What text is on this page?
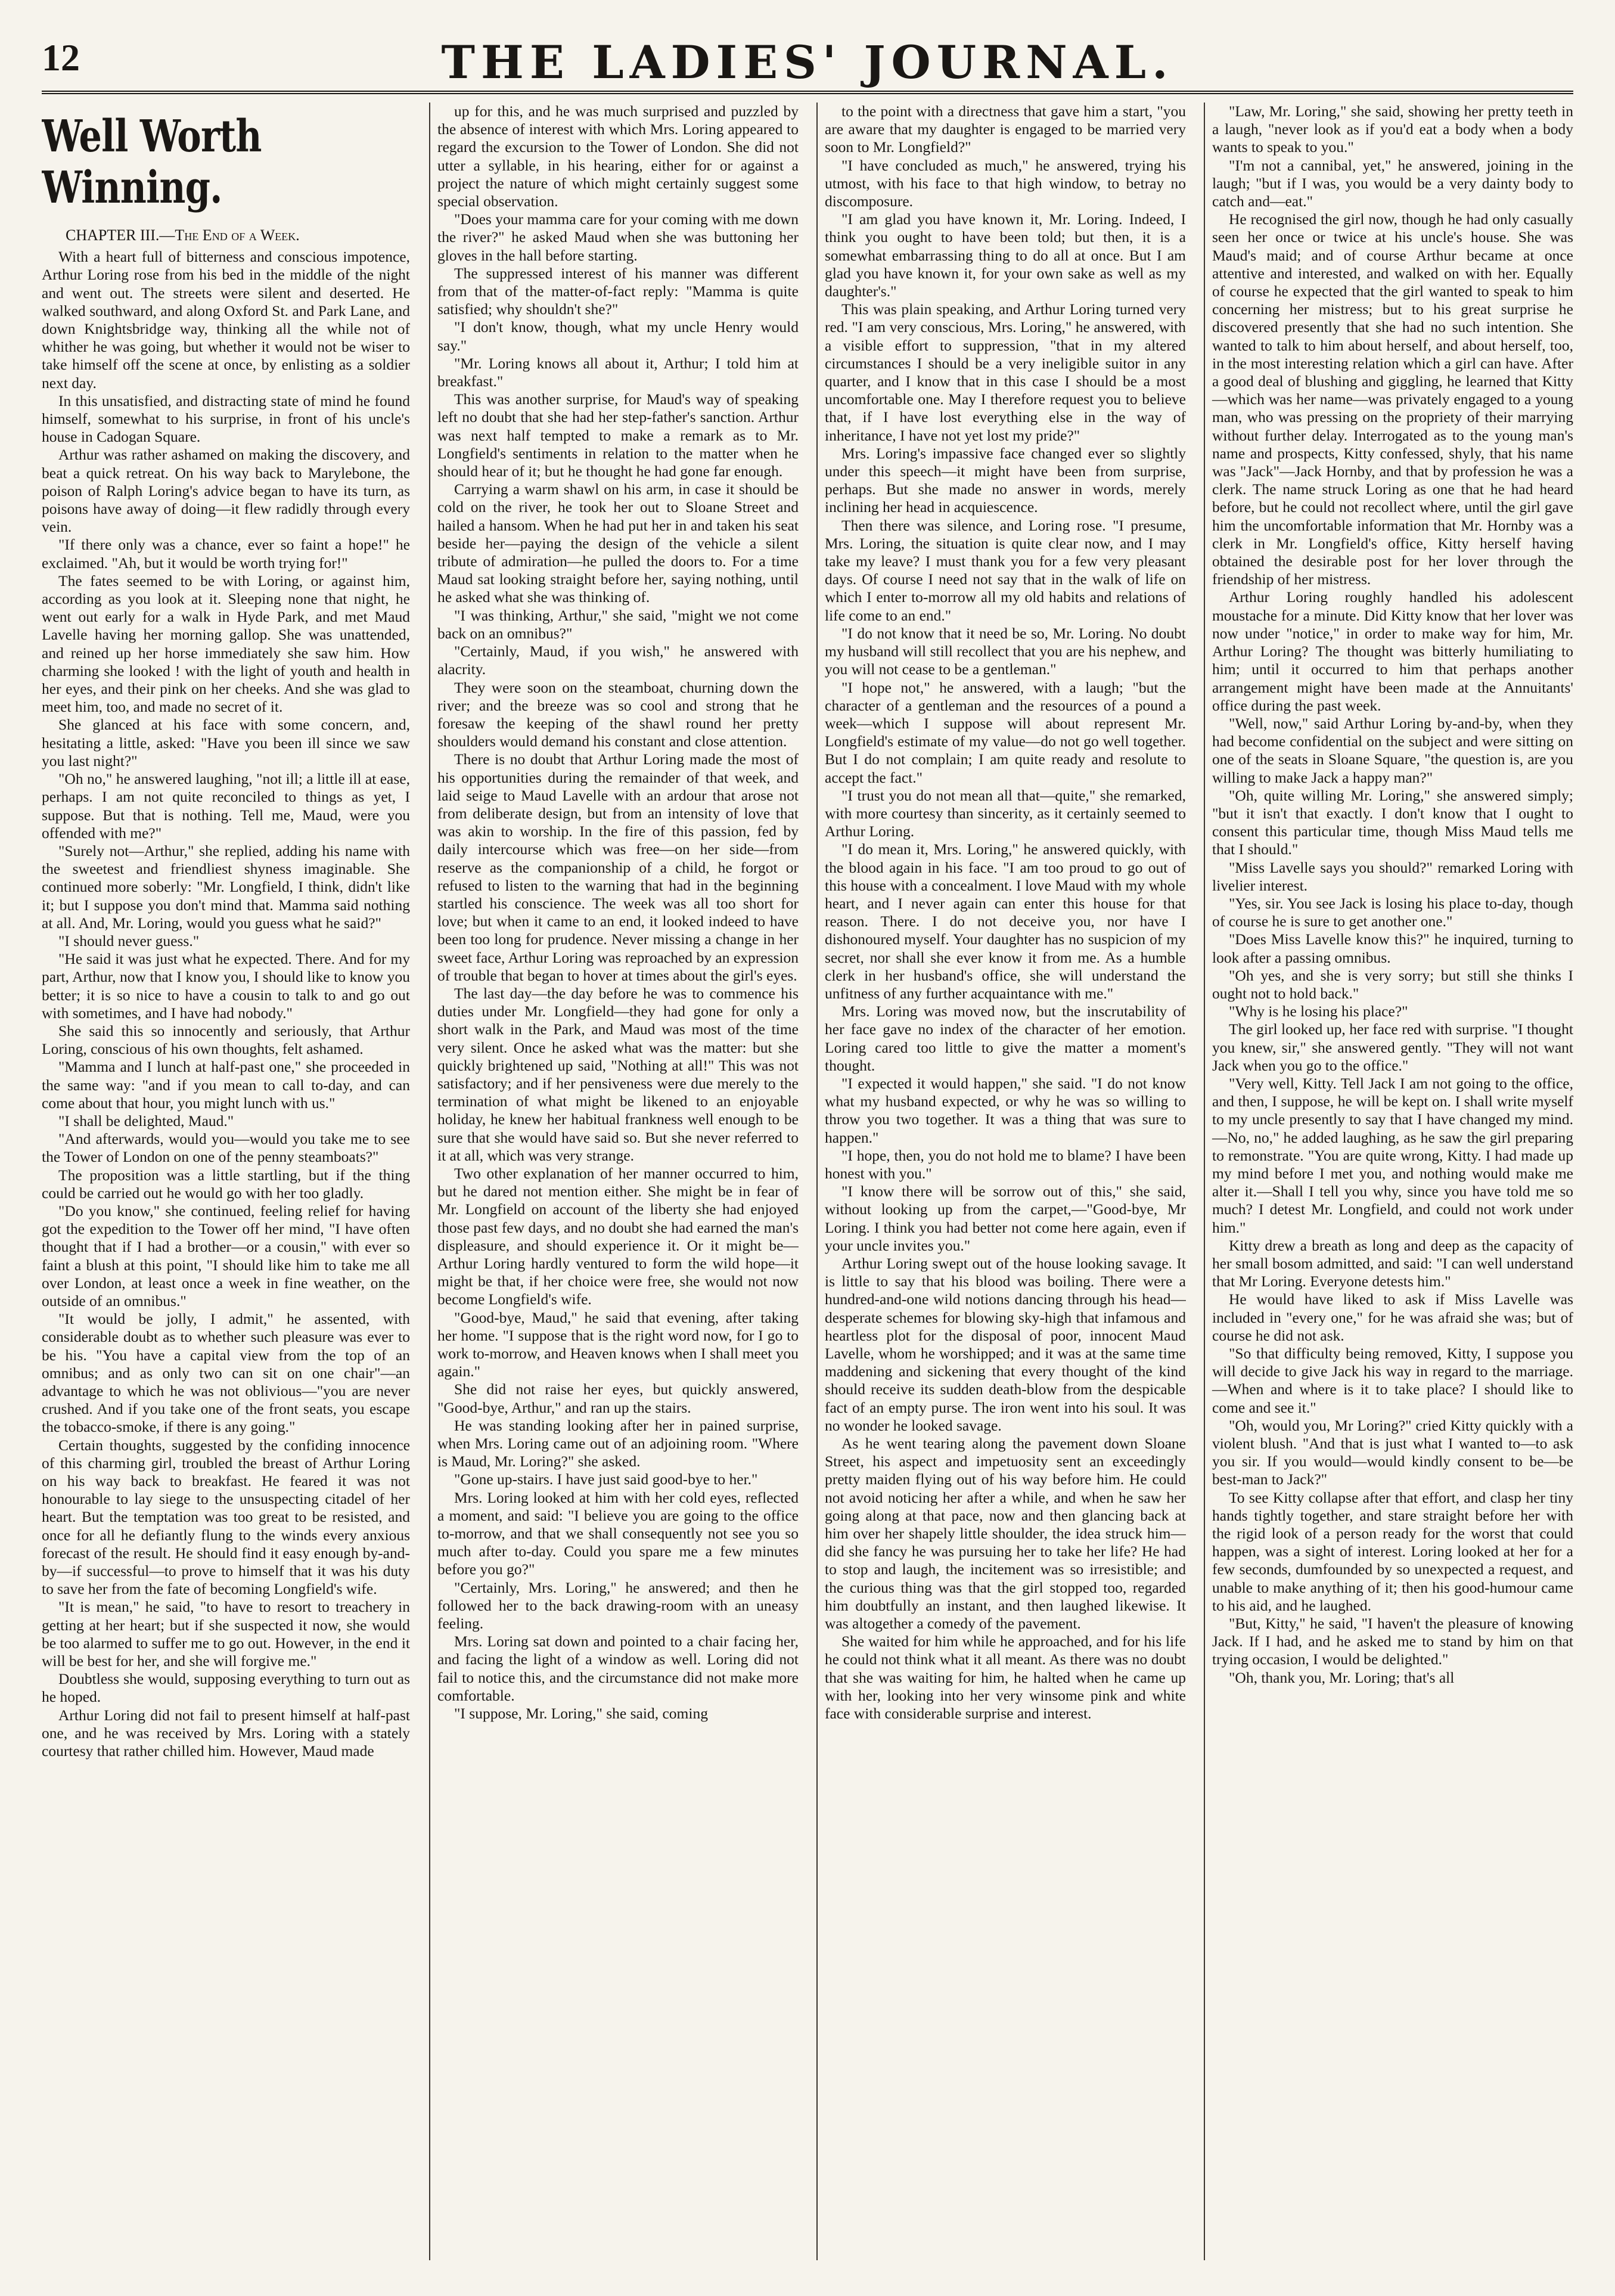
12	THE LADIES' JOURNAL.
Well Worth Winning.
CHAPTER III.—The End of a Week.

With a heart full of bitterness and conscious impotence, Arthur Loring rose from his bed in the middle of the night and went out. The streets were silent and deserted. He walked southward, and along Oxford St. and Park Lane, and down Knightsbridge way, thinking all the while not of whither he was going, but whether it would not be wiser to take himself off the scene at once, by enlisting as a soldier next day.

In this unsatisfied, and distracting state of mind he found himself, somewhat to his surprise, in front of his uncle's house in Cadogan Square.

Arthur was rather ashamed on making the discovery, and beat a quick retreat. On his way back to Marylebone, the poison of Ralph Loring's advice began to have its turn, as poisons have away of doing—it flew radidly through every vein.

"If there only was a chance, ever so faint a hope!" he exclaimed. "Ah, but it would be worth trying for!"

The fates seemed to be with Loring, or against him, according as you look at it. Sleeping none that night, he went out early for a walk in Hyde Park, and met Maud Lavelle having her morning gallop. She was unattended, and reined up her horse immediately she saw him. How charming she looked ! with the light of youth and health in her eyes, and their pink on her cheeks. And she was glad to meet him, too, and made no secret of it.

She glanced at his face with some concern, and, hesitating a little, asked: "Have you been ill since we saw you last night?"

"Oh no," he answered laughing, "not ill; a little ill at ease, perhaps. I am not quite reconciled to things as yet, I suppose. But that is nothing. Tell me, Maud, were you offended with me?"

"Surely not—Arthur," she replied, adding his name with the sweetest and friendliest shyness imaginable. She continued more soberly: "Mr. Longfield, I think, didn't like it; but I suppose you don't mind that. Mamma said nothing at all. And, Mr. Loring, would you guess what he said?"

"I should never guess."

"He said it was just what he expected. There. And for my part, Arthur, now that I know you, I should like to know you better; it is so nice to have a cousin to talk to and go out with sometimes, and I have had nobody."

She said this so innocently and seriously, that Arthur Loring, conscious of his own thoughts, felt ashamed.

"Mamma and I lunch at half-past one," she proceeded in the same way: "and if you mean to call to-day, and can come about that hour, you might lunch with us."

"I shall be delighted, Maud."

"And afterwards, would you—would you take me to see the Tower of London on one of the penny steamboats?"

The proposition was a little startling, but if the thing could be carried out he would go with her too gladly.

"Do you know," she continued, feeling relief for having got the expedition to the Tower off her mind, "I have often thought that if I had a brother—or a cousin," with ever so faint a blush at this point, "I should like him to take me all over London, at least once a week in fine weather, on the outside of an omnibus."

"It would be jolly, I admit," he assented, with considerable doubt as to whether such pleasure was ever to be his. "You have a capital view from the top of an omnibus; and as only two can sit on one chair"—an advantage to which he was not oblivious—"you are never crushed. And if you take one of the front seats, you escape the tobacco-smoke, if there is any going."

Certain thoughts, suggested by the confiding innocence of this charming girl, troubled the breast of Arthur Loring on his way back to breakfast. He feared it was not honourable to lay siege to the unsuspecting citadel of her heart. But the temptation was too great to be resisted, and once for all he defiantly flung to the winds every anxious forecast of the result. He should find it easy enough by-and-by—if successful—to prove to himself that it was his duty to save her from the fate of becoming Longfield's wife.

"It is mean," he said, "to have to resort to treachery in getting at her heart; but if she suspected it now, she would be too alarmed to suffer me to go out. However, in the end it will be best for her, and she will forgive me."

Doubtless she would, supposing everything to turn out as he hoped.

Arthur Loring did not fail to present himself at half-past one, and he was received by Mrs. Loring with a stately courtesy that rather chilled him. However, Maud made

up for this, and he was much surprised and puzzled by the absence of interest with which Mrs. Loring appeared to regard the excursion to the Tower of London. She did not utter a syllable, in his hearing, either for or against a project the nature of which might certainly suggest some special observation.

"Does your mamma care for your coming with me down the river?" he asked Maud when she was buttoning her gloves in the hall before starting.

The suppressed interest of his manner was different from that of the matter-of-fact reply: "Mamma is quite satisfied; why shouldn't she?"

"I don't know, though, what my uncle Henry would say."

"Mr. Loring knows all about it, Arthur; I told him at breakfast."

This was another surprise, for Maud's way of speaking left no doubt that she had her step-father's sanction. Arthur was next half tempted to make a remark as to Mr. Longfield's sentiments in relation to the matter when he should hear of it; but he thought he had gone far enough.

Carrying a warm shawl on his arm, in case it should be cold on the river, he took her out to Sloane Street and hailed a hansom. When he had put her in and taken his seat beside her—paying the design of the vehicle a silent tribute of admiration—he pulled the doors to. For a time Maud sat looking straight before her, saying nothing, until he asked what she was thinking of.

"I was thinking, Arthur," she said, "might we not come back on an omnibus?"

"Certainly, Maud, if you wish," he answered with alacrity.

They were soon on the steamboat, churning down the river; and the breeze was so cool and strong that he foresaw the keeping of the shawl round her pretty shoulders would demand his constant and close attention.

There is no doubt that Arthur Loring made the most of his opportunities during the remainder of that week, and laid seige to Maud Lavelle with an ardour that arose not from deliberate design, but from an intensity of love that was akin to worship. In the fire of this passion, fed by daily intercourse which was free—on her side—from reserve as the companionship of a child, he forgot or refused to listen to the warning that had in the beginning startled his conscience. The week was all too short for love; but when it came to an end, it looked indeed to have been too long for prudence. Never missing a change in her sweet face, Arthur Loring was reproached by an expression of trouble that began to hover at times about the girl's eyes.

The last day—the day before he was to commence his duties under Mr. Longfield—they had gone for only a short walk in the Park, and Maud was most of the time very silent. Once he asked what was the matter: but she quickly brightened up said, "Nothing at all!" This was not satisfactory; and if her pensiveness were due merely to the termination of what might be likened to an enjoyable holiday, he knew her habitual frankness well enough to be sure that she would have said so. But she never referred to it at all, which was very strange.

Two other explanation of her manner occurred to him, but he dared not mention either. She might be in fear of Mr. Longfield on account of the liberty she had enjoyed those past few days, and no doubt she had earned the man's displeasure, and should experience it. Or it might be—Arthur Loring hardly ventured to form the wild hope—it might be that, if her choice were free, she would not now become Longfield's wife.

"Good-bye, Maud," he said that evening, after taking her home. "I suppose that is the right word now, for I go to work to-morrow, and Heaven knows when I shall meet you again."

She did not raise her eyes, but quickly answered, "Good-bye, Arthur," and ran up the stairs.

He was standing looking after her in pained surprise, when Mrs. Loring came out of an adjoining room. "Where is Maud, Mr. Loring?" she asked.

"Gone up-stairs. I have just said good-bye to her."

Mrs. Loring looked at him with her cold eyes, reflected a moment, and said: "I believe you are going to the office to-morrow, and that we shall consequently not see you so much after to-day. Could you spare me a few minutes before you go?"

"Certainly, Mrs. Loring," he answered; and then he followed her to the back drawing-room with an uneasy feeling.

Mrs. Loring sat down and pointed to a chair facing her, and facing the light of a window as well. Loring did not fail to notice this, and the circumstance did not make more comfortable.

"I suppose, Mr. Loring," she said, coming

to the point with a directness that gave him a start, "you are aware that my daughter is engaged to be married very soon to Mr. Longfield?"

"I have concluded as much," he answered, trying his utmost, with his face to that high window, to betray no discomposure.

"I am glad you have known it, Mr. Loring. Indeed, I think you ought to have been told; but then, it is a somewhat embarrassing thing to do all at once. But I am glad you have known it, for your own sake as well as my daughter's."

This was plain speaking, and Arthur Loring turned very red. "I am very conscious, Mrs. Loring," he answered, with a visible effort to suppression, "that in my altered circumstances I should be a very ineligible suitor in any quarter, and I know that in this case I should be a most uncomfortable one. May I therefore request you to believe that, if I have lost everything else in the way of inheritance, I have not yet lost my pride?"

Mrs. Loring's impassive face changed ever so slightly under this speech—it might have been from surprise, perhaps. But she made no answer in words, merely inclining her head in acquiescence.

Then there was silence, and Loring rose. "I presume, Mrs. Loring, the situation is quite clear now, and I may take my leave? I must thank you for a few very pleasant days. Of course I need not say that in the walk of life on which I enter to-morrow all my old habits and relations of life come to an end."

"I do not know that it need be so, Mr. Loring. No doubt my husband will still recollect that you are his nephew, and you will not cease to be a gentleman."

"I hope not," he answered, with a laugh; "but the character of a gentleman and the resources of a pound a week—which I suppose will about represent Mr. Longfield's estimate of my value—do not go well together. But I do not complain; I am quite ready and resolute to accept the fact."

"I trust you do not mean all that—quite," she remarked, with more courtesy than sincerity, as it certainly seemed to Arthur Loring.

"I do mean it, Mrs. Loring," he answered quickly, with the blood again in his face. "I am too proud to go out of this house with a concealment. I love Maud with my whole heart, and I never again can enter this house for that reason. There. I do not deceive you, nor have I dishonoured myself. Your daughter has no suspicion of my secret, nor shall she ever know it from me. As a humble clerk in her husband's office, she will understand the unfitness of any further acquaintance with me."

Mrs. Loring was moved now, but the inscrutability of her face gave no index of the character of her emotion. Loring cared too little to give the matter a moment's thought.

"I expected it would happen," she said. "I do not know what my husband expected, or why he was so willing to throw you two together. It was a thing that was sure to happen."

"I hope, then, you do not hold me to blame? I have been honest with you."

"I know there will be sorrow out of this," she said, without looking up from the carpet,—"Good-bye, Mr Loring. I think you had better not come here again, even if your uncle invites you."

Arthur Loring swept out of the house looking savage. It is little to say that his blood was boiling. There were a hundred-and-one wild notions dancing through his head—desperate schemes for blowing sky-high that infamous and heartless plot for the disposal of poor, innocent Maud Lavelle, whom he worshipped; and it was at the same time maddening and sickening that every thought of the kind should receive its sudden death-blow from the despicable fact of an empty purse. The iron went into his soul. It was no wonder he looked savage.

As he went tearing along the pavement down Sloane Street, his aspect and impetuosity sent an exceedingly pretty maiden flying out of his way before him. He could not avoid noticing her after a while, and when he saw her going along at that pace, now and then glancing back at him over her shapely little shoulder, the idea struck him—did she fancy he was pursuing her to take her life? He had to stop and laugh, the incitement was so irresistible; and the curious thing was that the girl stopped too, regarded him doubtfully an instant, and then laughed likewise. It was altogether a comedy of the pavement.

She waited for him while he approached, and for his life he could not think what it all meant. As there was no doubt that she was waiting for him, he halted when he came up with her, looking into her very winsome pink and white face with considerable surprise and interest.

"Law, Mr. Loring," she said, showing her pretty teeth in a laugh, "never look as if you'd eat a body when a body wants to speak to you."

"I'm not a cannibal, yet," he answered, joining in the laugh; "but if I was, you would be a very dainty body to catch and—eat."

He recognised the girl now, though he had only casually seen her once or twice at his uncle's house. She was Maud's maid; and of course Arthur became at once attentive and interested, and walked on with her. Equally of course he expected that the girl wanted to speak to him concerning her mistress; but to his great surprise he discovered presently that she had no such intention. She wanted to talk to him about herself, and about herself, too, in the most interesting relation which a girl can have. After a good deal of blushing and giggling, he learned that Kitty—which was her name—was privately engaged to a young man, who was pressing on the propriety of their marrying without further delay. Interrogated as to the young man's name and prospects, Kitty confessed, shyly, that his name was "Jack"—Jack Hornby, and that by profession he was a clerk. The name struck Loring as one that he had heard before, but he could not recollect where, until the girl gave him the uncomfortable information that Mr. Hornby was a clerk in Mr. Longfield's office, Kitty herself having obtained the desirable post for her lover through the friendship of her mistress.

Arthur Loring roughly handled his adolescent moustache for a minute. Did Kitty know that her lover was now under "notice," in order to make way for him, Mr. Arthur Loring? The thought was bitterly humiliating to him; until it occurred to him that perhaps another arrangement might have been made at the Annuitants' office during the past week.

"Well, now," said Arthur Loring by-and-by, when they had become confidential on the subject and were sitting on one of the seats in Sloane Square, "the question is, are you willing to make Jack a happy man?"

"Oh, quite willing Mr. Loring," she answered simply; "but it isn't that exactly. I don't know that I ought to consent this particular time, though Miss Maud tells me that I should."

"Miss Lavelle says you should?" remarked Loring with livelier interest.

"Yes, sir. You see Jack is losing his place to-day, though of course he is sure to get another one."

"Does Miss Lavelle know this?" he inquired, turning to look after a passing omnibus.

"Oh yes, and she is very sorry; but still she thinks I ought not to hold back."

"Why is he losing his place?"

The girl looked up, her face red with surprise. "I thought you knew, sir," she answered gently. "They will not want Jack when you go to the office."

"Very well, Kitty. Tell Jack I am not going to the office, and then, I suppose, he will be kept on. I shall write myself to my uncle presently to say that I have changed my mind.—No, no," he added laughing, as he saw the girl preparing to remonstrate. "You are quite wrong, Kitty. I had made up my mind before I met you, and nothing would make me alter it.—Shall I tell you why, since you have told me so much? I detest Mr. Longfield, and could not work under him."

Kitty drew a breath as long and deep as the capacity of her small bosom admitted, and said: "I can well understand that Mr Loring. Everyone detests him."

He would have liked to ask if Miss Lavelle was included in "every one," for he was afraid she was; but of course he did not ask.

"So that difficulty being removed, Kitty, I suppose you will decide to give Jack his way in regard to the marriage.—When and where is it to take place? I should like to come and see it."

"Oh, would you, Mr Loring?" cried Kitty quickly with a violent blush. "And that is just what I wanted to—to ask you sir. If you would—would kindly consent to be—be best-man to Jack?"

To see Kitty collapse after that effort, and clasp her tiny hands tightly together, and stare straight before her with the rigid look of a person ready for the worst that could happen, was a sight of interest. Loring looked at her for a few seconds, dumfounded by so unexpected a request, and unable to make anything of it; then his good-humour came to his aid, and he laughed.

"But, Kitty," he said, "I haven't the pleasure of knowing Jack. If I had, and he asked me to stand by him on that trying occasion, I would be delighted."

"Oh, thank you, Mr. Loring; that's all
